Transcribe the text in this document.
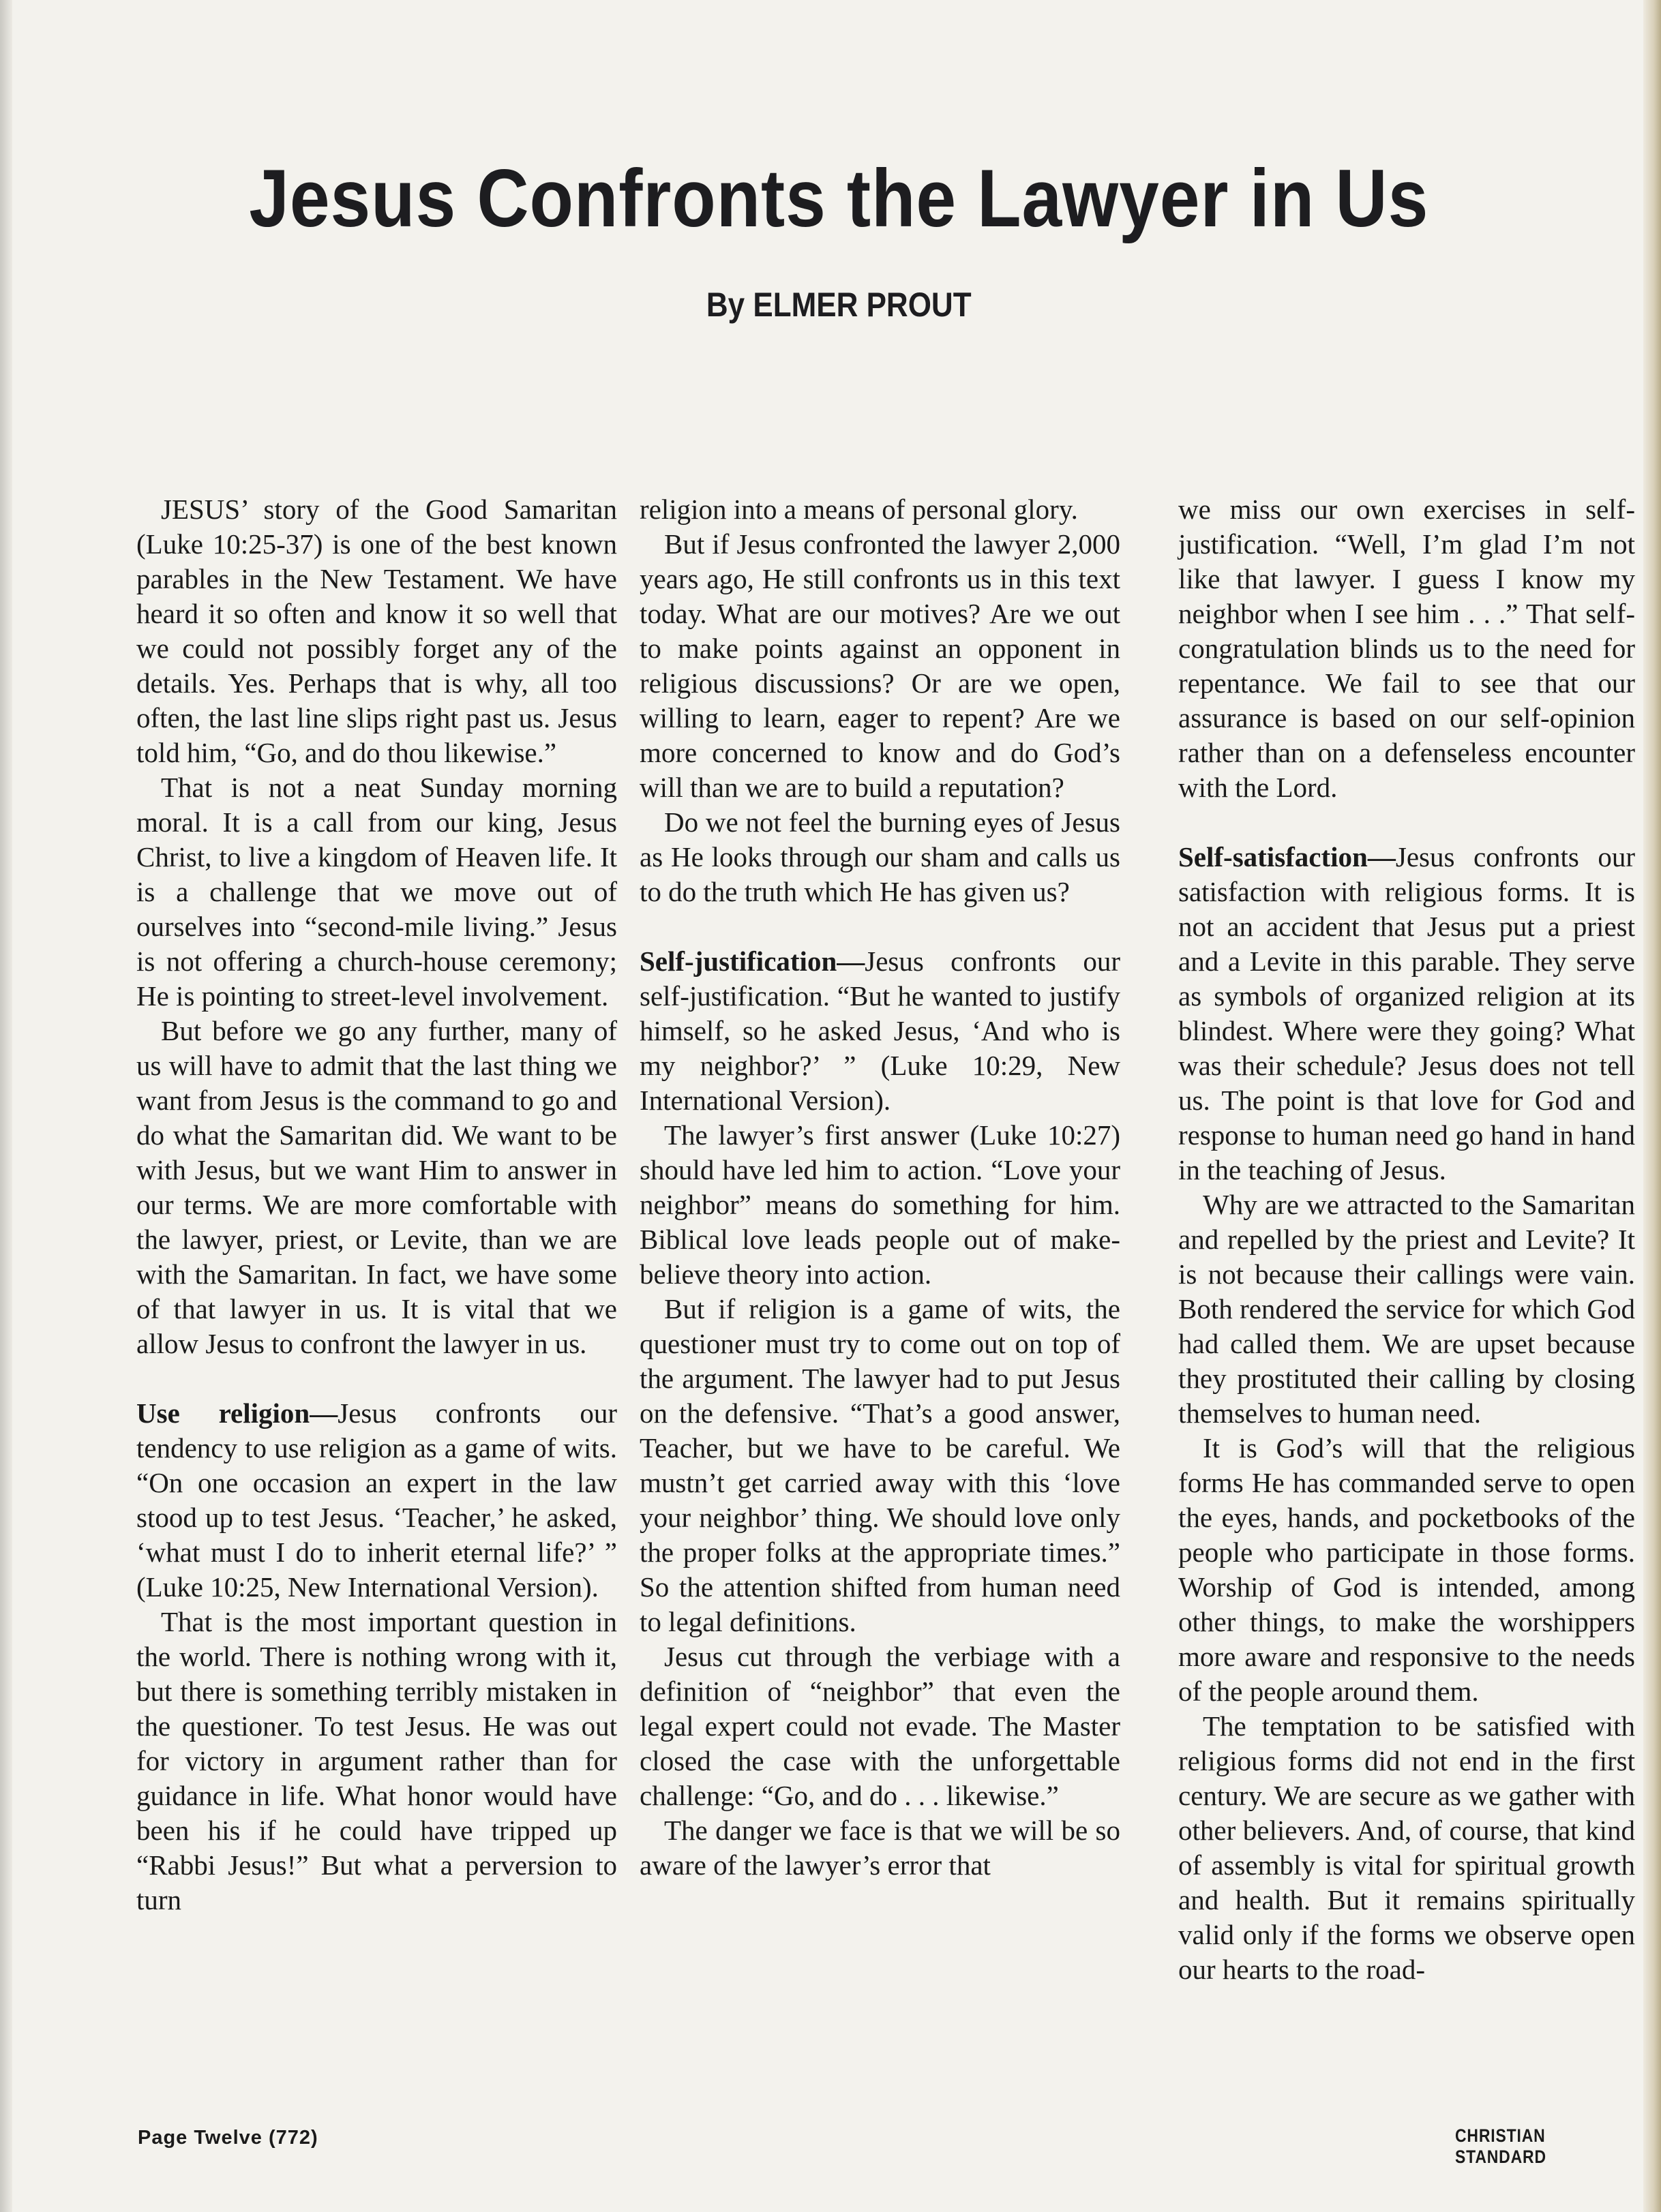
Jesus Confronts the Lawyer in Us
By ELMER PROUT

JESUS’ story of the Good Samaritan (Luke 10:25-37) is one of the best known parables in the New Testament. We have heard it so often and know it so well that we could not possibly forget any of the details. Yes. Perhaps that is why, all too often, the last line slips right past us. Jesus told him, “Go, and do thou likewise.”

That is not a neat Sunday morning moral. It is a call from our king, Jesus Christ, to live a kingdom of Heaven life. It is a challenge that we move out of ourselves into “second-mile living.” Jesus is not offering a church-house ceremony; He is pointing to street-level involvement.

But before we go any further, many of us will have to admit that the last thing we want from Jesus is the command to go and do what the Samaritan did. We want to be with Jesus, but we want Him to answer in our terms. We are more comfortable with the lawyer, priest, or Levite, than we are with the Samaritan. In fact, we have some of that lawyer in us. It is vital that we allow Jesus to confront the lawyer in us.

Use religion—Jesus confronts our tendency to use religion as a game of wits. “On one occasion an expert in the law stood up to test Jesus. ‘Teacher,’ he asked, ‘what must I do to inherit eternal life?’ ” (Luke 10:25, New International Version).

That is the most important question in the world. There is nothing wrong with it, but there is something terribly mistaken in the questioner. To test Jesus. He was out for victory in argument rather than for guidance in life. What honor would have been his if he could have tripped up “Rabbi Jesus!” But what a perversion to turn

religion into a means of personal glory.

But if Jesus confronted the lawyer 2,000 years ago, He still confronts us in this text today. What are our motives? Are we out to make points against an opponent in religious discussions? Or are we open, willing to learn, eager to repent? Are we more concerned to know and do God’s will than we are to build a reputation?

Do we not feel the burning eyes of Jesus as He looks through our sham and calls us to do the truth which He has given us?

Self-justification—Jesus confronts our self-justification. “But he wanted to justify himself, so he asked Jesus, ‘And who is my neighbor?’ ” (Luke 10:29, New International Version).

The lawyer’s first answer (Luke 10:27) should have led him to action. “Love your neighbor” means do something for him. Biblical love leads people out of make-believe theory into action.

But if religion is a game of wits, the questioner must try to come out on top of the argument. The lawyer had to put Jesus on the defensive. “That’s a good answer, Teacher, but we have to be careful. We mustn’t get carried away with this ‘love your neighbor’ thing. We should love only the proper folks at the appropriate times.” So the attention shifted from human need to legal definitions.

Jesus cut through the verbiage with a definition of “neighbor” that even the legal expert could not evade. The Master closed the case with the unforgettable challenge: “Go, and do . . . likewise.”

The danger we face is that we will be so aware of the lawyer’s error that

we miss our own exercises in self-justification. “Well, I’m glad I’m not like that lawyer. I guess I know my neighbor when I see him . . .” That self-congratulation blinds us to the need for repentance. We fail to see that our assurance is based on our self-opinion rather than on a defenseless encounter with the Lord.

Self-satisfaction—Jesus confronts our satisfaction with religious forms. It is not an accident that Jesus put a priest and a Levite in this parable. They serve as symbols of organized religion at its blindest. Where were they going? What was their schedule? Jesus does not tell us. The point is that love for God and response to human need go hand in hand in the teaching of Jesus.

Why are we attracted to the Samaritan and repelled by the priest and Levite? It is not because their callings were vain. Both rendered the service for which God had called them. We are upset because they prostituted their calling by closing themselves to human need.

It is God’s will that the religious forms He has commanded serve to open the eyes, hands, and pocketbooks of the people who participate in those forms. Worship of God is intended, among other things, to make the worshippers more aware and responsive to the needs of the people around them.

The temptation to be satisfied with religious forms did not end in the first century. We are secure as we gather with other believers. And, of course, that kind of assembly is vital for spiritual growth and health. But it remains spiritually valid only if the forms we observe open our hearts to the road-

Page Twelve (772)	CHRISTIAN STANDARD
